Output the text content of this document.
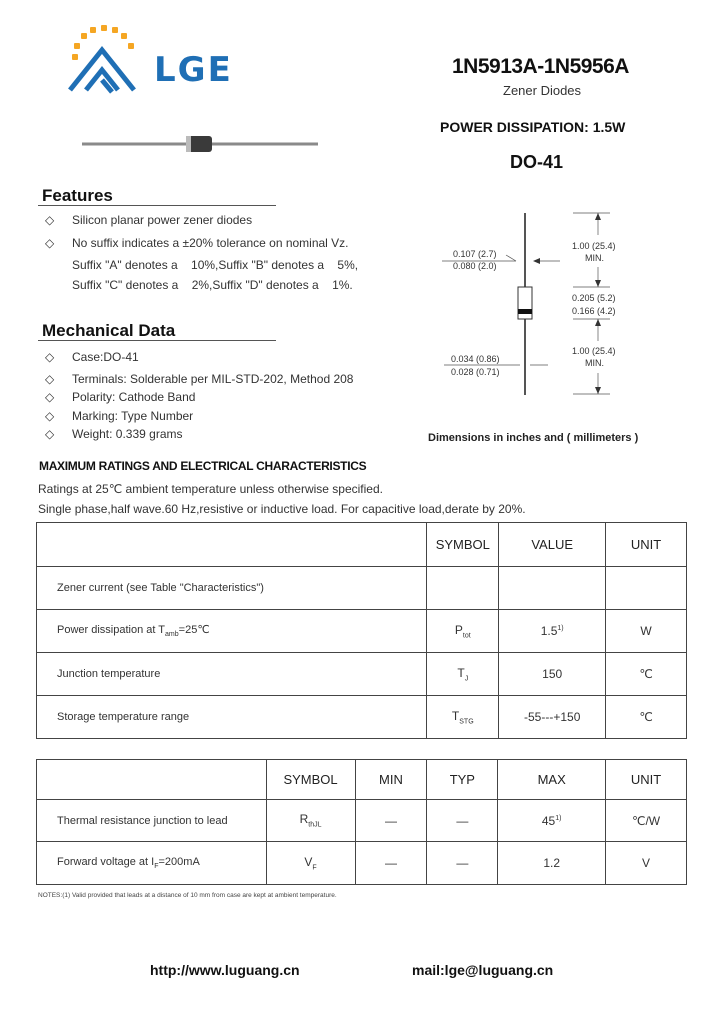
LGE	1N5913A-1N5956A
Zener Diodes
POWER DISSIPATION: 1.5W
DO-41
Features
◇ Silicon planar power zener diodes
◇ No suffix indicates a ±20% tolerance on nominal Vz.
Suffix "A" denotes a    10%,Suffix "B" denotes a    5%,
Suffix "C" denotes a    2%,Suffix "D" denotes a    1%.
Mechanical Data
◇ Case:DO-41
◇ Terminals: Solderable per MIL-STD-202, Method 208
◇ Polarity: Cathode Band
◇ Marking: Type Number
◇ Weight: 0.339 grams
0.107 (2.7)
0.080 (2.0)
1.00 (25.4)
MIN.
0.205 (5.2)
0.166 (4.2)
0.034 (0.86)
0.028 (0.71)
1.00 (25.4)
MIN.
Dimensions in inches and ( millimeters )
MAXIMUM RATINGS AND ELECTRICAL CHARACTERISTICS
Ratings at 25℃ ambient temperature unless otherwise specified.
Single phase,half wave.60 Hz,resistive or inductive load. For capacitive load,derate by 20%.
	SYMBOL	VALUE	UNIT
Zener current (see Table "Characteristics")			
Power dissipation at $T_{amb}=25℃$	$P_{tot}$	1.5$^{1)}$	W
Junction temperature	$T_J$	150	℃
Storage temperature range	$T_{STG}$	-55---+150	℃
	SYMBOL	MIN	TYP	MAX	UNIT
Thermal resistance junction to lead	$R_{thJL}$	—	—	45$^{1)}$	℃/W
Forward voltage at $I_F=200mA$	$V_F$	—	—	1.2	V
NOTES:(1) Valid provided that leads at a distance of 10 mm from case are kept at ambient temperature.
http://www.luguang.cn	mail:lge@luguang.cn
